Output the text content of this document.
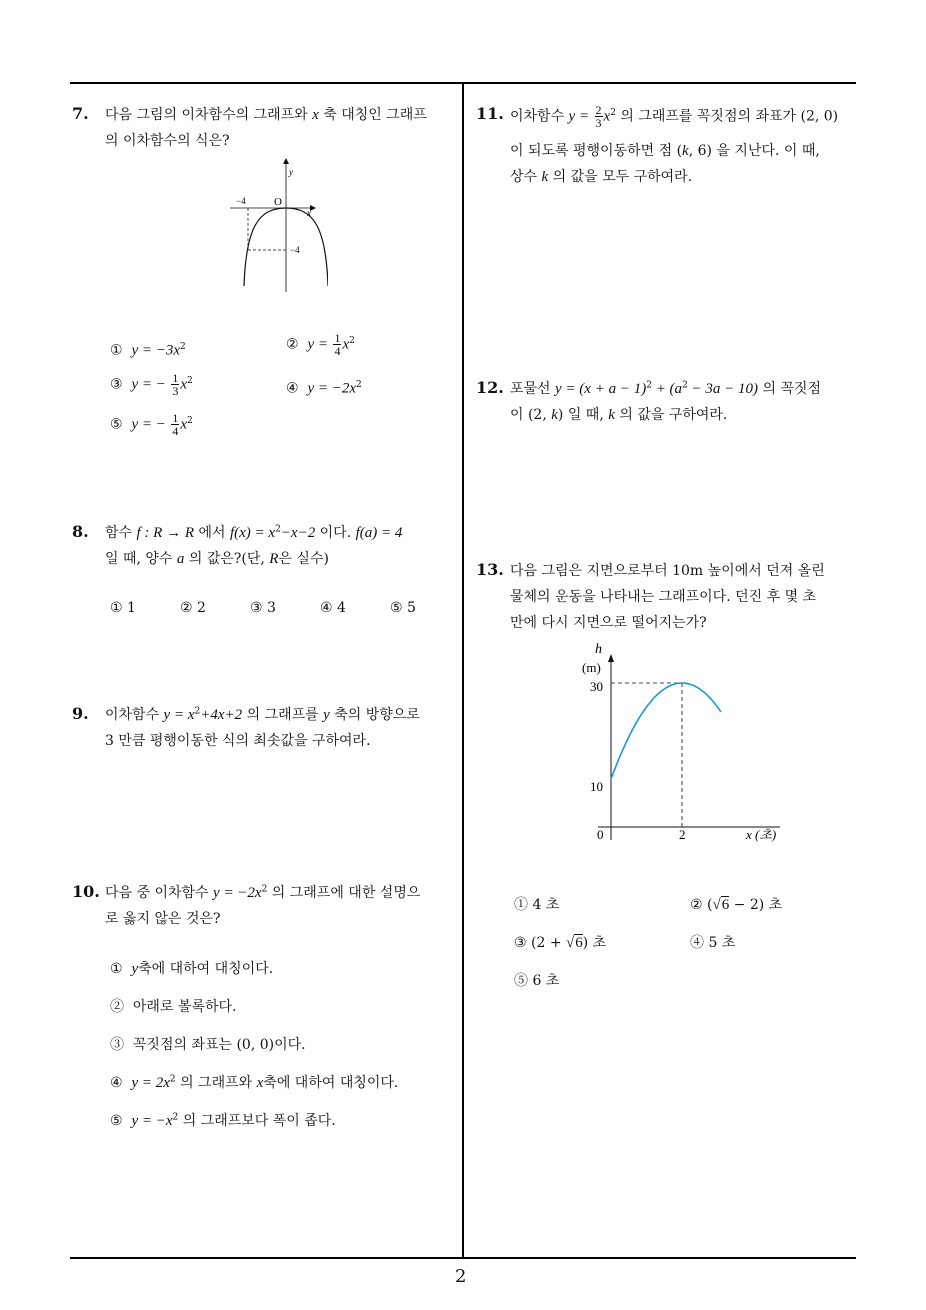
2
7. 다음 그림의 이차함수의 그래프와 x 축 대칭인 그래프
의 이차함수의 식은?
y
x
O
−4
−4
① $y = -3x^2$	② $y = \frac{1}{4} x^2$
③ y = − $\frac{1}{3} x^2$	④ $y = -2x^2$
⑤ y = − $\frac{1}{4} x^2$
8. 함수 f : R → R 에서 $f(x) = x^2-x-2$ 이다. f(a) = 4
일 때, 양수 a 의 값은?(단, R은 실수)
① 1	② 2	③ 3	④ 4	⑤ 5
9. 이차함수 $y = x^2+4x+2$ 의 그래프를 y 축의 방향으로
3 만큼 평행이동한 식의 최솟값을 구하여라.
10. 다음 중 이차함수 $y = -2x^2$ 의 그래프에 대한 설명으
로 옳지 않은 것은?
① y축에 대하여 대칭이다.
② 아래로 볼록하다.
③ 꼭짓점의 좌표는 (0, 0)이다.
④ $y = 2x^2$ 의 그래프와 x축에 대하여 대칭이다.
⑤ $y = -x^2$ 의 그래프보다 폭이 좁다.
11. 이차함수 $y = \frac{2}{3} x^2$ 의 그래프를 꼭짓점의 좌표가 (2, 0)
이 되도록 평행이동하면 점 (k, 6) 을 지난다. 이 때,
상수 k 의 값을 모두 구하여라.
12. 포물선 $y = (x + a - 1)^2 + (a^2 - 3a - 10)$ 의 꼭짓점
이 (2, k) 일 때, k 의 값을 구하여라.
13. 다음 그림은 지면으로부터 10m 높이에서 던져 올린
물체의 운동을 나타내는 그래프이다. 던진 후 몇 초
만에 다시 지면으로 떨어지는가?
h
(m)
30
10
0	2	x (초)
① 4 초	② (√6 − 2) 초
③ (2 + √6) 초	④ 5 초
⑤ 6 초
